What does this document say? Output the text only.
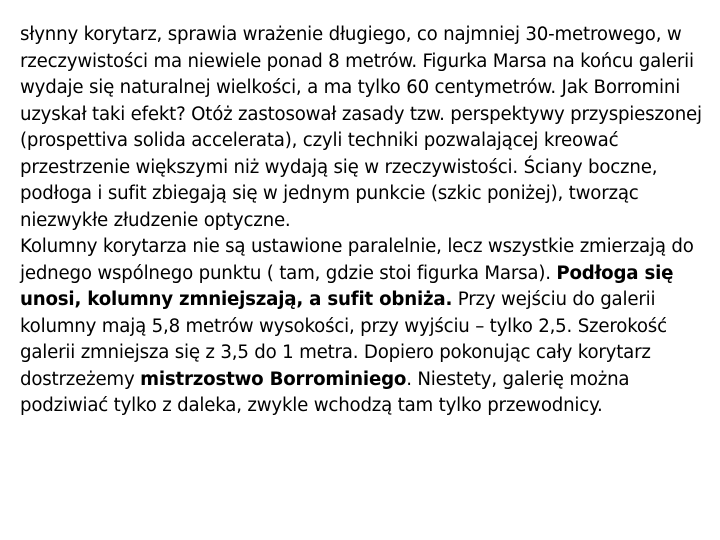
słynny korytarz, sprawia wrażenie długiego, co najmniej 30-metrowego, w rzeczywistości ma niewiele ponad 8 metrów. Figurka Marsa na końcu galerii wydaje się naturalnej wielkości, a ma tylko 60 centymetrów. Jak Borromini uzyskał taki efekt? Otóż zastosował zasady tzw. perspektywy przyspieszonej (prospettiva solida accelerata), czyli techniki pozwalającej kreować przestrzenie większymi niż wydają się w rzeczywistości. Ściany boczne, podłoga i sufit zbiegają się w jednym punkcie (szkic poniżej), tworząc niezwykłe złudzenie optyczne.

Kolumny korytarza nie są ustawione paralelnie, lecz wszystkie zmierzają do jednego wspólnego punktu ( tam, gdzie stoi figurka Marsa). Podłoga się unosi, kolumny zmniejszają, a sufit obniża. Przy wejściu do galerii kolumny mają 5,8 metrów wysokości, przy wyjściu – tylko 2,5. Szerokość galerii zmniejsza się z 3,5 do 1 metra. Dopiero pokonując cały korytarz dostrzeżemy mistrzostwo Borrominiego. Niestety, galerię można podziwiać tylko z daleka, zwykle wchodzą tam tylko przewodnicy.
